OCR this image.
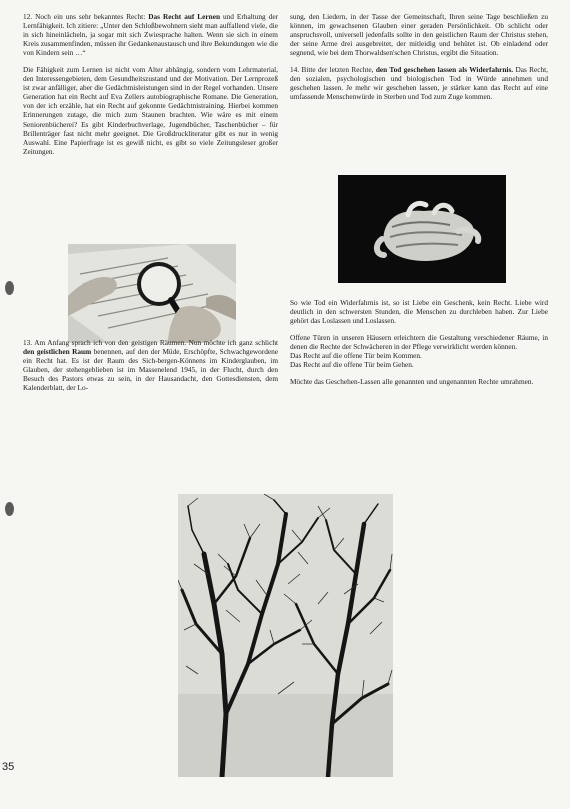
12. Noch ein uns sehr bekanntes Recht: Das Recht auf Lernen und Erhaltung der Lernfähigkeit. Ich zitiere: „Unter den Schloßbewohnern sieht man auffallend viele, die in sich hineinlächeln, ja sogar mit sich Zwiesprache halten. Wenn sie sich in einem Kreis zusammenfinden, müssen ihr Gedankenaustausch und ihre Bekundungen wie die von Kindern sein …“

Die Fähigkeit zum Lernen ist nicht vom Alter abhängig, sondern vom Lehrmaterial, den Interessengebieten, dem Gesundheitszustand und der Motivation. Der Lernprozeß ist zwar anfälliger, aber die Gedächtnisleistungen sind in der Regel vorhanden. Unsere Generation hat ein Recht auf Eva Zellers autobiographische Romane. Die Generation, von der ich erzähle, hat ein Recht auf gekonnte Gedächtnistraining. Hierbei kommen Erinnerungen zutage, die mich zum Staunen brachten. Wie wäre es mit einem Seniorenbücherei? Es gibt Kinderbuchverlage, Jugendbücher, Taschenbücher – für Brillenträger fast nicht mehr geeignet. Die Großdruckliteratur gibt es nur in wenig Auswahl. Eine Papierfrage ist es gewiß nicht, es gibt so viele Zeitungsleser großer Zeitungen.

13. Am Anfang sprach ich von den geistigen Räumen. Nun möchte ich ganz schlicht den geistlichen Raum benennen, auf den der Müde, Erschöpfte, Schwachgewordene ein Recht hat. Es ist der Raum des Sich-bergen-Könnens im Kinderglauben, im Glauben, der stehengeblieben ist im Massenelend 1945, in der Flucht, durch den Besuch des Pastors etwas zu sein, in der Hausandacht, den Gottesdiensten, dem Kalenderblatt, der Lo-

sung, den Liedern, in der Tasse der Gemeinschaft, Ihren seine Tage beschließen zu können, im gewachsenen Glauben einer geraden Persönlichkeit. Ob schlicht oder anspruchsvoll, universell jedenfalls sollte in den geistlichen Raum der Christus stehen, der seine Arme drei ausgebreitet, der mitleidig und behütet ist. Ob einladend oder segnend, wie bei dem Thorwaldsen'schen Christus, ergibt die Situation.

14. Bitte der letzten Rechte, den Tod geschehen lassen als Widerfahrnis. Das Recht, den sozialen, psychologischen und biologischen Tod in Würde annehmen und geschehen lassen. Je mehr wir geschehen lassen, je stärker kann das Recht auf eine umfassende Menschenwürde in Sterben und Tod zum Zuge kommen.

So wie Tod ein Widerfahrnis ist, so ist Liebe ein Geschenk, kein Recht. Liebe wird deutlich in den schwersten Stunden, die Menschen zu durchleben haben. Zur Liebe gehört das Loslassen und Loslassen.

Offene Türen in unseren Häusern erleichtern die Gestaltung verschiedener Räume, in denen die Rechte der Schwächeren in der Pflege verwirklicht werden können.
Das Recht auf die offene Tür beim Kommen.
Das Recht auf die offene Tür beim Gehen.

Möchte das Geschehen-Lassen alle genannten und ungenannten Rechte umrahmen.

35
